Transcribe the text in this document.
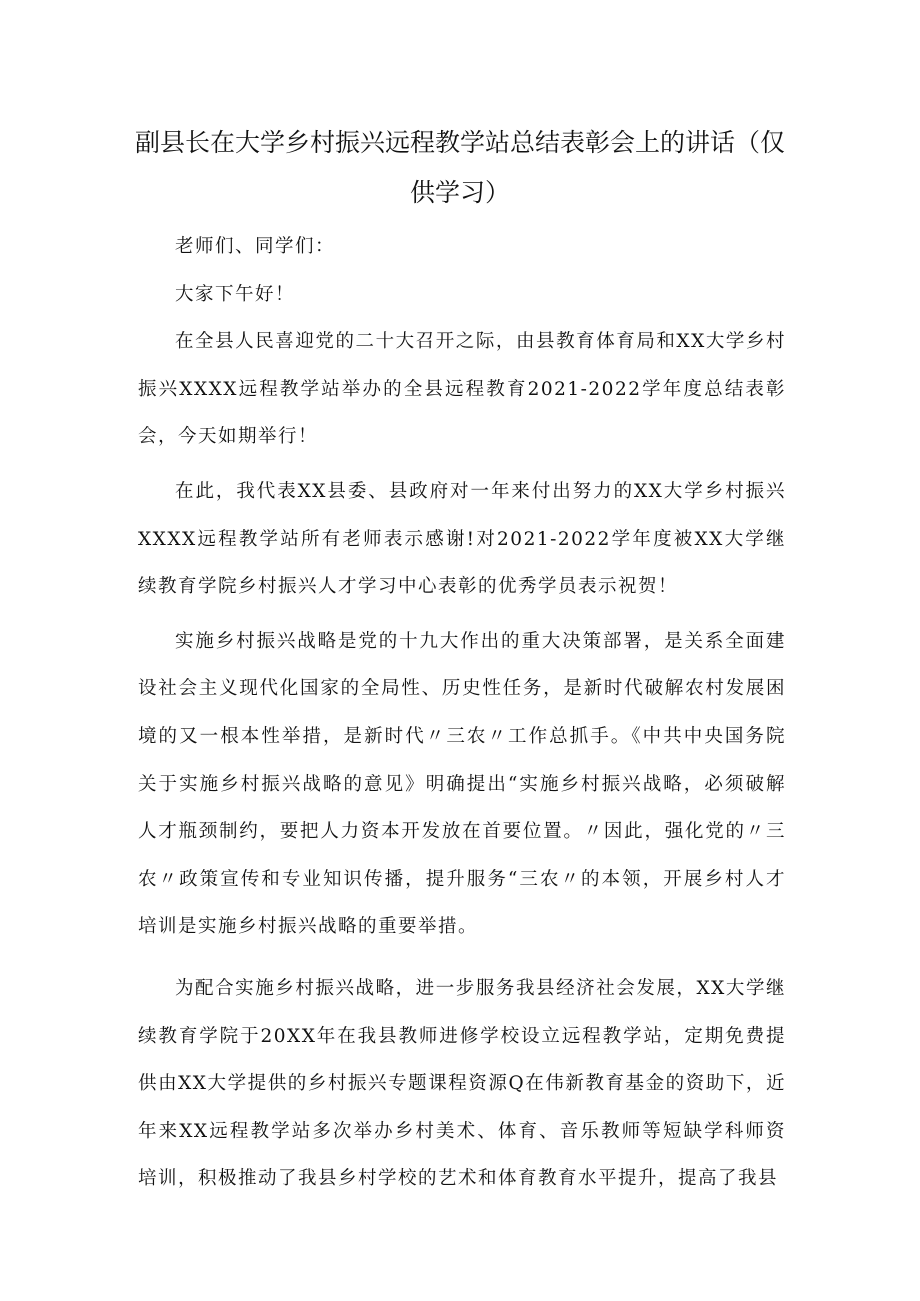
副县长在大学乡村振兴远程教学站总结表彰会上的讲话（仅供学习）

老师们、同学们：

大家下午好！

在全县人民喜迎党的二十大召开之际，由县教育体育局和XX大学乡村振兴XXXX远程教学站举办的全县远程教育2021-2022学年度总结表彰会，今天如期举行！

在此，我代表XX县委、县政府对一年来付出努力的XX大学乡村振兴XXXX远程教学站所有老师表示感谢!对2021-2022学年度被XX大学继续教育学院乡村振兴人才学习中心表彰的优秀学员表示祝贺！

实施乡村振兴战略是党的十九大作出的重大决策部署，是关系全面建设社会主义现代化国家的全局性、历史性任务，是新时代破解农村发展困境的又一根本性举措，是新时代〃三农〃工作总抓手。《中共中央国务院关于实施乡村振兴战略的意见》明确提出“实施乡村振兴战略，必须破解人才瓶颈制约，要把人力资本开发放在首要位置。〃因此，强化党的〃三农〃政策宣传和专业知识传播，提升服务“三农〃的本领，开展乡村人才培训是实施乡村振兴战略的重要举措。

为配合实施乡村振兴战略，进一步服务我县经济社会发展，XX大学继续教育学院于20XX年在我县教师进修学校设立远程教学站，定期免费提供由XX大学提供的乡村振兴专题课程资源Q在伟新教育基金的资助下，近年来XX远程教学站多次举办乡村美术、体育、音乐教师等短缺学科师资培训，积极推动了我县乡村学校的艺术和体育教育水平提升，提高了我县
